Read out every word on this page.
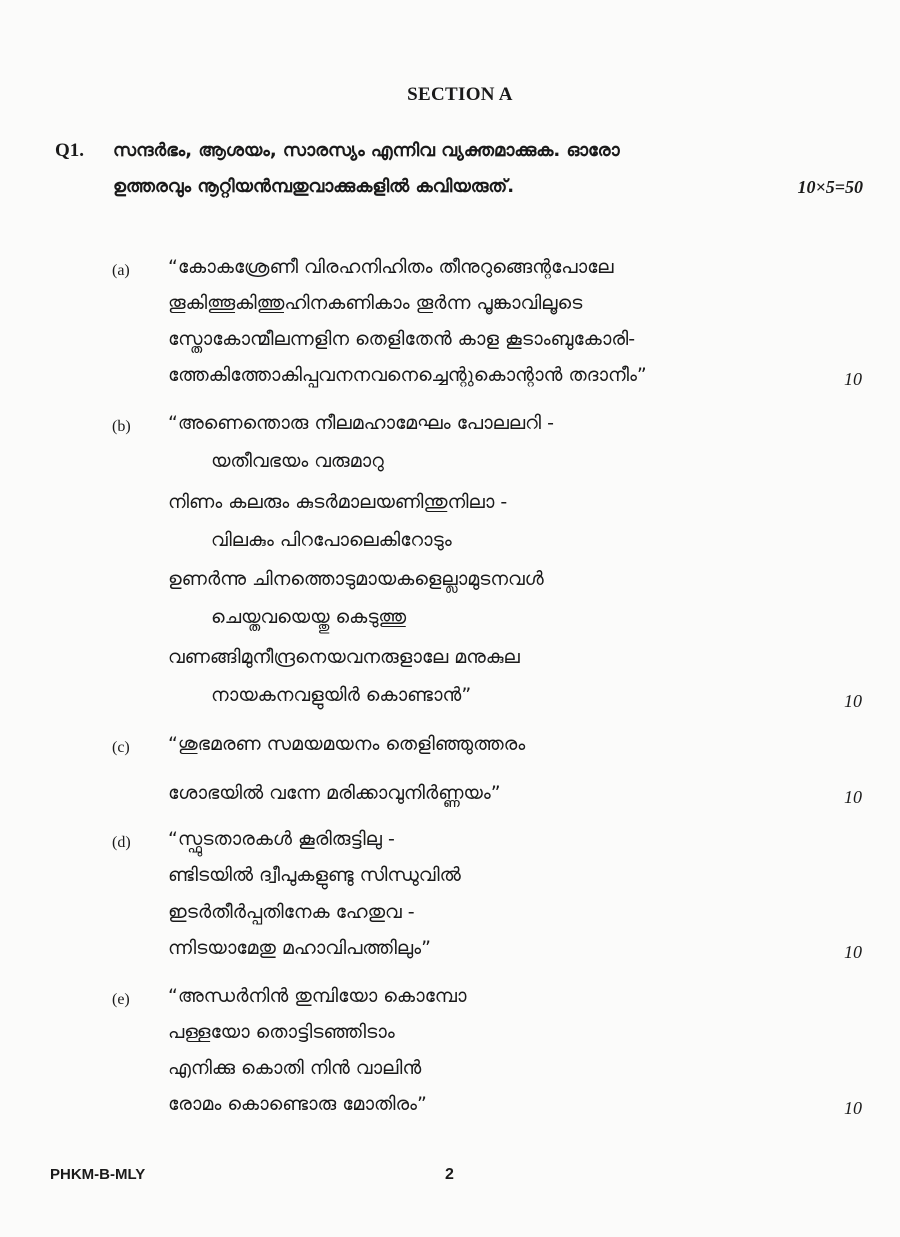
SECTION A
Q1. സന്ദർഭം, ആശയം, സാരസ്യം എന്നിവ വ്യക്തമാക്കുക. ഓരോ
ഉത്തരവും നൂറ്റിയൻമ്പതുവാക്കുകളിൽ കവിയരുത്.	10×5=50
(a) “കോകശ്രേണീ വിരഹനിഹിതം തീനുറുങ്ങെന്റപോലേ
തൂകിത്തൂകിത്തുഹിനകണികാം തൂർന്ന പൂങ്കാവിലൂടെ
സ്തോകോന്മീലന്നളിന തെളിതേൻ കാള കൂടാംബുകോരി-
ത്തേകിത്തോകിപ്പവനനവനെച്ചെന്റുകൊന്റാൻ തദാനീം”	10
(b) “അണെന്തൊരു നീലമഹാമേഘം പോലലറി -
യതീവഭയം വരുമാറു
നിണം കലരും കുടർമാലയണിന്തുനിലാ -
വിലകും പിറപോലെകിറോടും
ഉണർന്നു ചിനത്തൊടുമായകളെല്ലാമുടനവൾ
ചെയ്തവയെയ്തു കെടുത്തു
വണങ്ങിമുനീന്ദ്രനെയവനരുളാലേ മനുകുല
നായകനവളുയിർ കൊണ്ടാൻ”	10
(c) “ശുഭമരണ സമയമയനം തെളിഞ്ഞുത്തരം
ശോഭയിൽ വന്നേ മരിക്കാവുനിർണ്ണയം”	10
(d) “സ്ഫുടതാരകൾ കൂരിരുട്ടിലു -
ണ്ടിടയിൽ ദ്വീപുകളുണ്ടു സിന്ധുവിൽ
ഇടർതീർപ്പതിനേക ഹേതുവ -
ന്നിടയാമേതു മഹാവിപത്തിലും”	10
(e) “അന്ധർനിൻ തുമ്പിയോ കൊമ്പോ
പള്ളയോ തൊട്ടിടഞ്ഞിടാം
എനിക്കു കൊതി നിൻ വാലിൻ
രോമം കൊണ്ടൊരു മോതിരം”	10
PHKM-B-MLY	2
